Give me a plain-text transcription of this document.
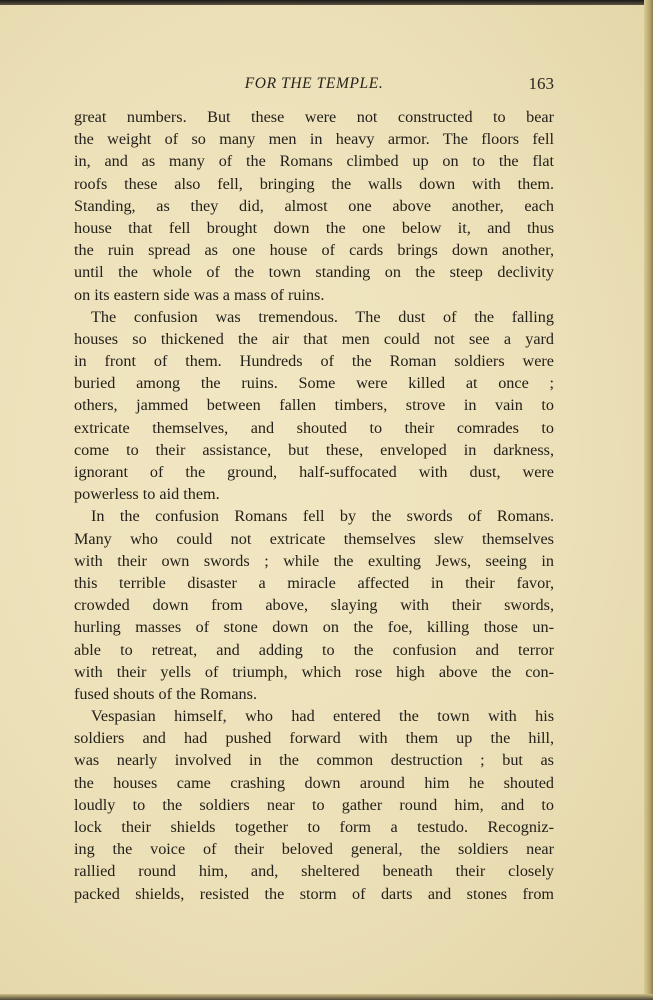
FOR THE TEMPLE.	163
great numbers. But these were not constructed to bear
the weight of so many men in heavy armor. The floors fell
in, and as many of the Romans climbed up on to the flat
roofs these also fell, bringing the walls down with them.
Standing, as they did, almost one above another, each
house that fell brought down the one below it, and thus
the ruin spread as one house of cards brings down another,
until the whole of the town standing on the steep declivity
on its eastern side was a mass of ruins.
The confusion was tremendous. The dust of the falling
houses so thickened the air that men could not see a yard
in front of them. Hundreds of the Roman soldiers were
buried among the ruins. Some were killed at once ;
others, jammed between fallen timbers, strove in vain to
extricate themselves, and shouted to their comrades to
come to their assistance, but these, enveloped in darkness,
ignorant of the ground, half-suffocated with dust, were
powerless to aid them.
In the confusion Romans fell by the swords of Romans.
Many who could not extricate themselves slew themselves
with their own swords ; while the exulting Jews, seeing in
this terrible disaster a miracle affected in their favor,
crowded down from above, slaying with their swords,
hurling masses of stone down on the foe, killing those un-
able to retreat, and adding to the confusion and terror
with their yells of triumph, which rose high above the con-
fused shouts of the Romans.
Vespasian himself, who had entered the town with his
soldiers and had pushed forward with them up the hill,
was nearly involved in the common destruction ; but as
the houses came crashing down around him he shouted
loudly to the soldiers near to gather round him, and to
lock their shields together to form a testudo. Recogniz-
ing the voice of their beloved general, the soldiers near
rallied round him, and, sheltered beneath their closely
packed shields, resisted the storm of darts and stones from
